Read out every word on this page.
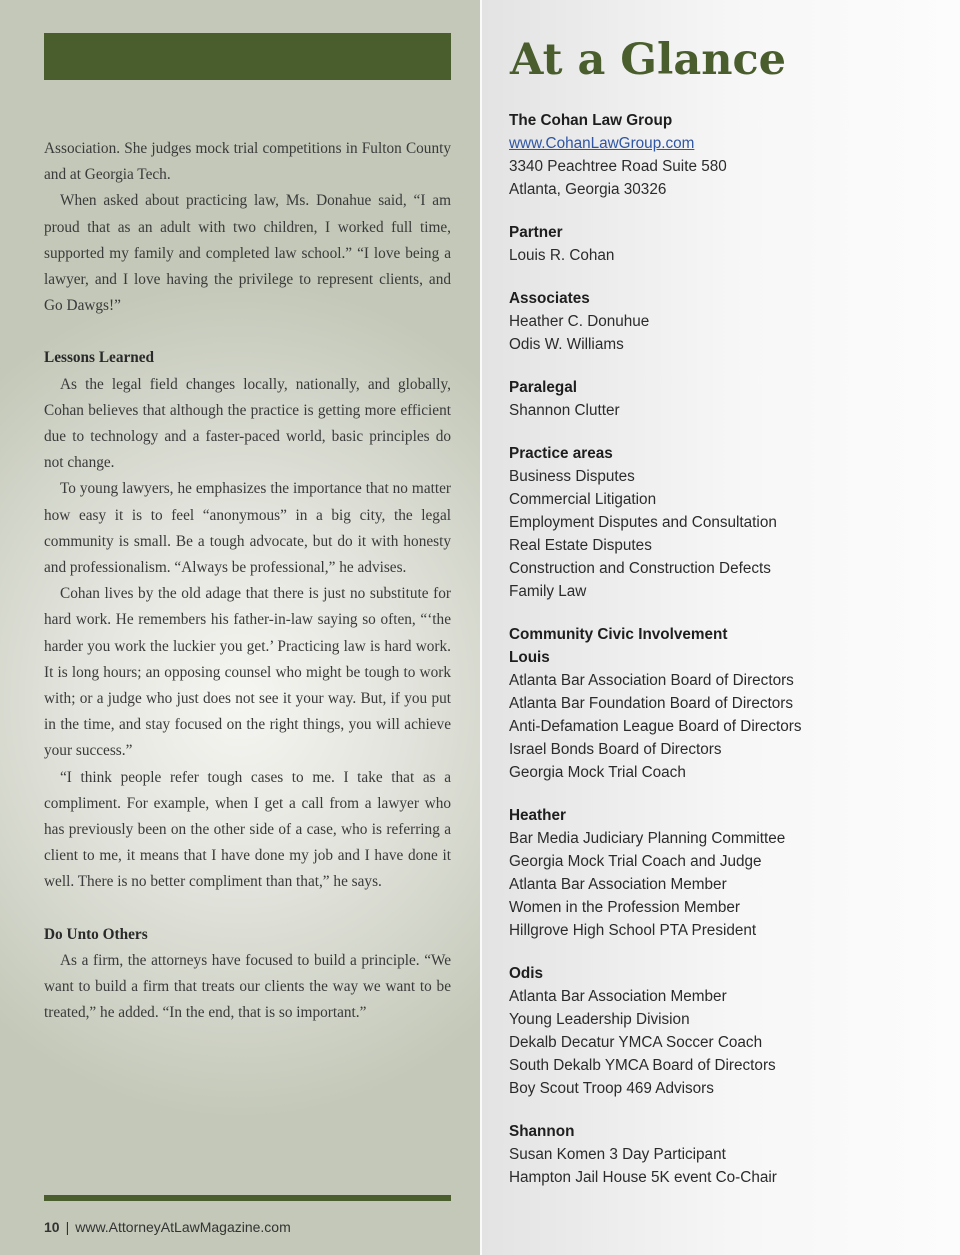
Association. She judges mock trial competitions in Fulton County and at Georgia Tech.

When asked about practicing law, Ms. Donahue said, “I am proud that as an adult with two children, I worked full time, supported my family and completed law school.” “I love being a lawyer, and I love having the privilege to represent clients, and Go Dawgs!”

Lessons Learned

As the legal field changes locally, nationally, and globally, Cohan believes that although the practice is getting more efficient due to technology and a faster-paced world, basic principles do not change.

To young lawyers, he emphasizes the importance that no matter how easy it is to feel “anonymous” in a big city, the legal community is small. Be a tough advocate, but do it with honesty and professionalism. “Always be professional,” he advises.

Cohan lives by the old adage that there is just no substitute for hard work. He remembers his father-in-law saying so often, “‘the harder you work the luckier you get.’ Practicing law is hard work. It is long hours; an opposing counsel who might be tough to work with; or a judge who just does not see it your way. But, if you put in the time, and stay focused on the right things, you will achieve your success.”

“I think people refer tough cases to me. I take that as a compliment. For example, when I get a call from a lawyer who has previously been on the other side of a case, who is referring a client to me, it means that I have done my job and I have done it well. There is no better compliment than that,” he says.

Do Unto Others

As a firm, the attorneys have focused to build a principle. “We want to build a firm that treats our clients the way we want to be treated,” he added. “In the end, that is so important.”

10 | www.AttorneyAtLawMagazine.com
At a Glance
The Cohan Law Group
www.CohanLawGroup.com
3340 Peachtree Road Suite 580
Atlanta, Georgia 30326
Partner
Louis R. Cohan
Associates
Heather C. Donuhue
Odis W. Williams
Paralegal
Shannon Clutter
Practice areas
Business Disputes
Commercial Litigation
Employment Disputes and Consultation
Real Estate Disputes
Construction and Construction Defects
Family Law
Community Civic Involvement
Louis
Atlanta Bar Association Board of Directors
Atlanta Bar Foundation Board of Directors
Anti-Defamation League Board of Directors
Israel Bonds Board of Directors
Georgia Mock Trial Coach
Heather
Bar Media Judiciary Planning Committee
Georgia Mock Trial Coach and Judge
Atlanta Bar Association Member
Women in the Profession Member
Hillgrove High School PTA President
Odis
Atlanta Bar Association Member
Young Leadership Division
Dekalb Decatur YMCA Soccer Coach
South Dekalb YMCA Board of Directors
Boy Scout Troop 469 Advisors
Shannon
Susan Komen 3 Day Participant
Hampton Jail House 5K event Co-Chair
